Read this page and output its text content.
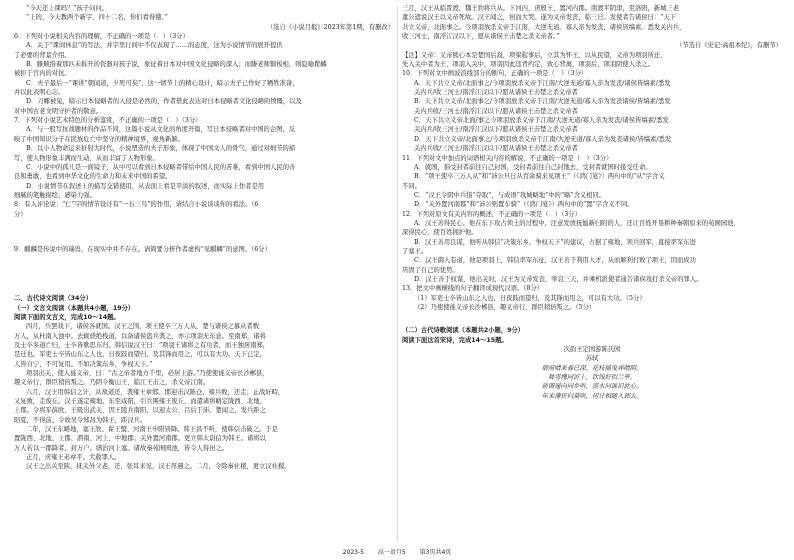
“今天还上课吗？”孩子问问。

“上的，今天教两个新字，四十二名，你们看得懂。”

（选自《小说月报》2023年第1期，有删改）

6．下列对小说相关内容的理解，不正确的一项是（　）（3分）

A．关于“课间休息”的写法，并字里行间中不仅表现了……的态度，这为小说情节的展开提供

了必要的背景介绍。

B．滕顺指着那匹未拆开的瓷器对孩子说，象征着日本对中国文化侵略的深入；而滕老师铜板相，则隐喻瞿麟

被拒于宫内的对抗。

C．夫子最后一“课讲“朝闻道，夕死可矣”，这一情节上的精心设计，暗示夫子已作好了牺牲准备，

并以此表明心志。

D．刀螺被兔，暗示日本侵略者的入侵是必然的，作者借此表达对日本侵略者文化侵略的愤慨，以及

对中国古老文明守护者的敬意。

7．下列对小说艺术特色的分析鉴赏，不正确的一项是（　）（3分）

A．与一般写抗战题材的作品不同，这篇小说从文化的角度开篇，写日本侵略者对中国的企图，反

映了中国知识分子在民族危亡中坚守的精神境界，视角新颖。

B．以小人物命运来折射大时代，小说塑造的夫子形象，体现了中国文人的骨气，通过对细节的描

写，使人物形象丰满而生动，从而丰富了人物形象。

C．小说中的孤儿是一面镜子，从中可以看到日本侵略者带给中国人民的苦难，看到中国人民的善

良和勇敢，也看到中华文化的生命力和未来中国的希望。

D．小说情节在叙述上的描写交错使用，从表面上看是平淡的叙述，而实际上作者是用

细腻的笔触描绘，感染力强。

8．有人评论说：“仁”字的情节设计有“一石三鸟”的作用，请结合小说谈谈你的看法。（6

分）

9．麒麟是传说中的瑞兽，在现实中并不存在。请简要分析作者虚构“见麒麟”的意图。（6分）

二、古代诗文阅读（34分）

（一）文言文阅读（本题共4小题，19分）

阅读下面的文言文，完成10～14题。

四月，兵罢戏下，诸侯各就国。汉王之国，项王使卒三万人从，楚与诸侯之慕从者数

万人，从杜南入蚀中。去辄烧绝栈道，以备诸侯盗兵袭之，亦示项羽无东意。至南郑，诸将

及士卒多道亡归，士卒皆歌思东归。韩信说汉王曰：“项羽王诸将之有功者，而王独居南郑，

是迁也。军吏士卒皆山东之人也，日夜跂而望归，及其锋而用之，可以有大功。天下已定，

人皆自宁，不可复用。不如决策东乡，争权天下。”

项羽出关，使人徙义帝，曰：“古之帝者地方千里，必居上游。”乃使使徙义帝长沙郴县，

趣义帝行，群臣稍倍叛之。乃阴令衡山王、临江王击之，杀义帝江南。

八月，汉王用韩信之计，从故道还，袭雍王章邯。邯迎击汉陈仓，雍兵败，还走；止战好畤，

又复败，走废丘。汉王遂定雍地。东至咸阳，引兵围雍王废丘，而遣诸将略定陇西、北地、

上郡。令将军薛欧、王吸出武关，因王陵兵南阳，以迎太公、吕后于沛。楚闻之，发兵距之

阳夏，不得前。令故吴令郑昌为韩王，距汉兵。

二年，汉王东略地，塞王欣、翟王翳、河南王申阳皆降。韩王昌不听，使韩信击破之。于是

置陇西、北地、上郡、渭南、河上、中地郡；关外置河南郡。更立韩太尉信为韩王。诸将以

万人若以一郡降者，封万户。缮治河上塞。诸故秦苑囿园池，皆令人得田之。

正月，虏雍王弟章平。大赦罪人。

汉王之出关至陕，抚关外父老，还，张耳来见，汉王厚遇之。二月，令除秦社稷，更立汉社稷。

三月，汉王从临晋渡，魏王豹将兵从。下河内，虏殷王，置河内郡。南渡平阴津，至洛阳，新城三老

董公遮说汉王以义帝死故。汉王闻之，袒而大哭。遂为义帝发丧，临三日。发使者告诸侯曰：“天下

共立义帝，北面事之。今项羽放杀义帝于江南，大逆无道。寡人亲为发丧，诸侯皆缟素。悉发关内兵，

收三河士，南浮江汉以下，愿从诸侯王击楚之杀义帝者。”

（节选自《史记·高祖本纪》，有删节）

【注】义帝：义帝熊心本是楚国后裔，项梁起事后，立其为怀王，以从民望，义帝为项羽所迁，

先入关中者为王，项羽入关中，项羽因此违背约定，致心背离，项羽后，项羽阴使人杀之。

10．下列对文中画波浪线部分的断句，正确的一项是（　）（3分）

A．天下共立义帝/北面事之/今项羽放杀义帝于江南/大逆无道/寡人亲为发丧/诸侯皆缟素/悉发

关内兵/收三河士/南浮江汉以下/愿从诸侯王击楚之杀义帝者

B．天下共立义帝/北面事之/今项羽放杀义帝于江南/大逆无道/寡人亲为发丧诸侯/皆缟素/悉发

关内兵收/三河士/南浮江汉以下/愿从诸侯王击楚之杀义帝者

C．天下共立义帝北面/事之今项羽放杀义帝于江南/大逆无道/寡人亲为发丧/诸侯皆缟素/悉发

关内兵/收三河士/南浮江汉以下/愿从诸侯王击楚之杀义帝者

D．天下共立义帝/北面事之/今项羽放杀义帝于江南/大逆无道/寡人亲为发丧诸侯/皆缟素/悉发

关内兵收/三河士/南浮江汉以下/愿从诸侯王击楚之杀义帝者

11．下列对文中加点的词语相关内容的解说，不正确的一项是（　）（3分）

A．就国，指受封者前往自己封国，受封者前往自己封地去，受封者就国时接受任命。

B．“项王使卒三万人从”和“沛公旦日从百余骑来见项王”（《鸿门宴》）两句中的“从”字含义

不同。

C．“汉王令阴中兵指“夺取”，与成语“攻城略地”中的“略”含义相同。

D．“关外置河南郡”和“沛公则置车骑”（《鸿门宴》）两句中的“置”字含义不同。

12．下列对原文有关内容的概述，不正确的一项是（　）（3分）

A．汉王善得民心。他在东下攻占领土的过程中，注意发放抚恤新归附的人，还让百姓开垦耕种秦朝原来的苑囿园池，

深得民心，使百姓拥护他。

B．汉王善用良谋，他听从韩信“决策东乡，争权天下”的建议，占据了雍地，领兵回军，直接率军东进

了塞王。

C．汉王御人有道，他是项羽上，韩信率军东征，汉王善于利用人才，从而顺利打败了项王，因而成功

巩固了自己的优势。

D．汉王善于权谋，他出关时，汉王为义帝发丧，举哀三天，并乘机派使者通告诸侯攻打杀义帝的罪人。

13．把文中画横线的句子翻译成现代汉语。（8分）

（1）军吏士卒皆山东之人也，日夜跂而望归，及其锋而用之，可以有大功。（5分）

（2）乃使使徙义帝长沙郴县，趣义帝行，群臣稍倍叛之。（5分）

（二）古代诗歌阅读（本题共2小题，9分）

阅读下面这首宋诗，完成14～15题。

次韵王定国游陈氏园

苏轼

宿雨晴来春已深，花枝摇曳弄晴阴。

舞雩愧同沂上，饮饯好似兰亭。

新调遥向同乡听，流水问谁识此心。

年来薄宦归莫咲，何计相随入郭去。

2023-5 高一语月5 第3页共4页
